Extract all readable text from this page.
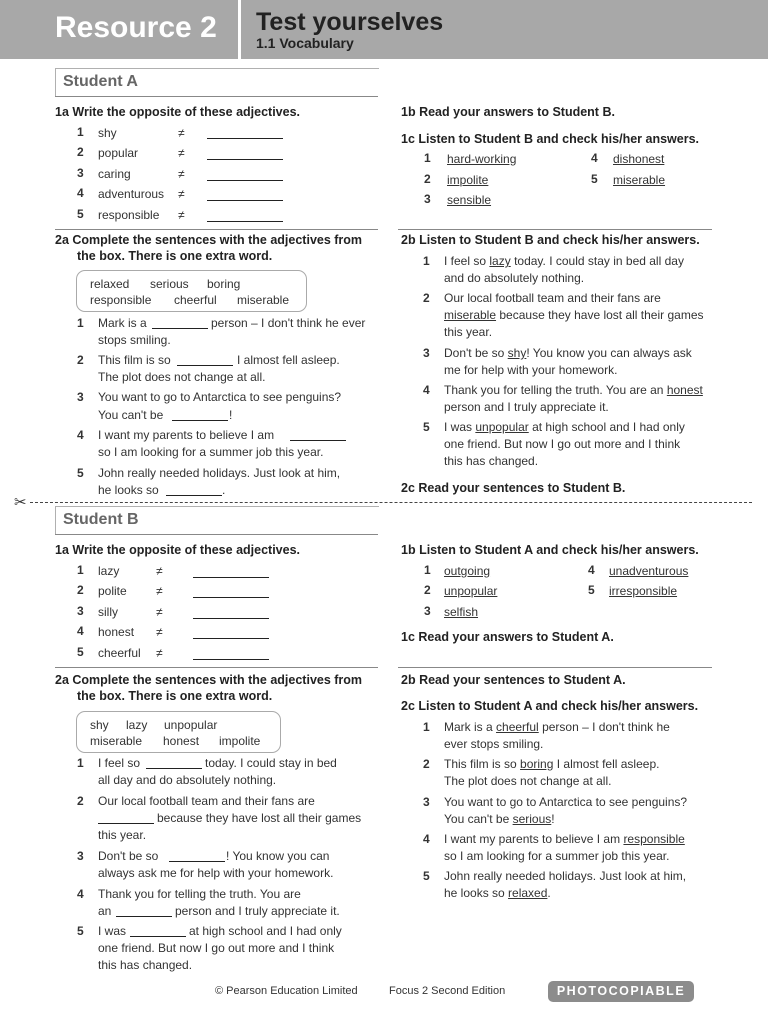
Resource 2 Test yourselves
1.1 Vocabulary
Student A
1a Write the opposite of these adjectives.
1 shy	≠
2 popular	≠
3 caring	≠
4 adventurous ≠
5 responsible ≠
1b Read your answers to Student B.
1c Listen to Student B and check his/her answers.
1 hard-working
2 impolite
3 sensible
4 dishonest
5 miserable
2a Complete the sentences with the adjectives from
the box. There is one extra word.
relaxed serious boring
responsible cheerful miserable
1 Mark is a	person – I don't think he ever
stops smiling.
2 This film is so	I almost fell asleep.
The plot does not change at all.
3 You want to go to Antarctica to see penguins?
You can't be	!
4 I want my parents to believe I am
so I am looking for a summer job this year.
5 John really needed holidays. Just look at him,
he looks so	.
2b Listen to Student B and check his/her answers.
1 I feel so lazy today. I could stay in bed all day
and do absolutely nothing.
2 Our local football team and their fans are
miserable because they have lost all their games
this year.
3 Don't be so shy! You know you can always ask
me for help with your homework.
4 Thank you for telling the truth. You are an honest
person and I truly appreciate it.
5 I was unpopular at high school and I had only
one friend. But now I go out more and I think
this has changed.
2c Read your sentences to Student B.
✂
Student B
1a Write the opposite of these adjectives.
1 lazy	≠
2 polite ≠
3 silly	≠
4 honest ≠
5 cheerful ≠
1b Listen to Student A and check his/her answers.
1 outgoing
2 unpopular
3 selfish
4 unadventurous
5 irresponsible
1c Read your answers to Student A.
2a Complete the sentences with the adjectives from
the box. There is one extra word.
shy lazy unpopular
miserable honest impolite
1 I feel so	today. I could stay in bed
all day and do absolutely nothing.
2 Our local football team and their fans are
because they have lost all their games
this year.
3 Don't be so	! You know you can
always ask me for help with your homework.
4 Thank you for telling the truth. You are
an	person and I truly appreciate it.
5 I was	at high school and I had only
one friend. But now I go out more and I think
this has changed.
2b Read your sentences to Student A.
2c Listen to Student A and check his/her answers.
1 Mark is a cheerful person – I don't think he
ever stops smiling.
2 This film is so boring I almost fell asleep.
The plot does not change at all.
3 You want to go to Antarctica to see penguins?
You can't be serious!
4 I want my parents to believe I am responsible
so I am looking for a summer job this year.
5 John really needed holidays. Just look at him,
he looks so relaxed.
© Pearson Education Limited	Focus 2 Second Edition	PHOTOCOPIABLE
